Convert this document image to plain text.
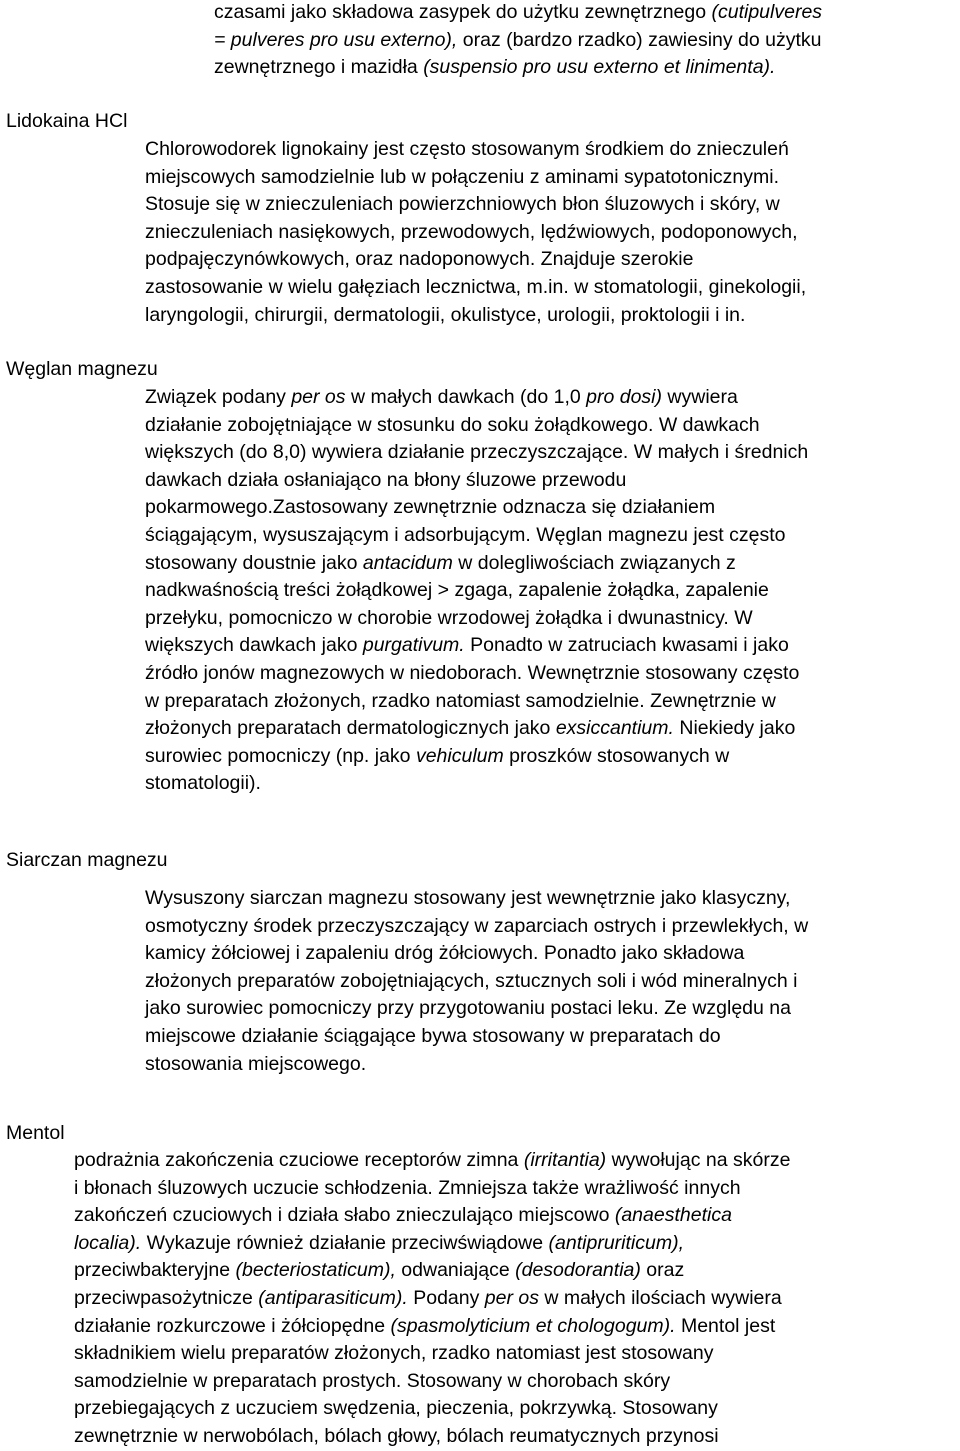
czasami jako składowa zasypek do użytku zewnętrznego (cutipulveres
= pulveres pro usu externo), oraz (bardzo rzadko) zawiesiny do użytku
zewnętrznego i mazidła (suspensio pro usu externo et linimenta).

Lidokaina HCl

Chlorowodorek lignokainy jest często stosowanym środkiem do znieczuleń
miejscowych samodzielnie lub w połączeniu z aminami sypatotonicznymi.
Stosuje się w znieczuleniach powierzchniowych błon śluzowych i skóry, w
znieczuleniach nasiękowych, przewodowych, lędźwiowych, podoponowych,
podpajęczynówkowych, oraz nadoponowych. Znajduje szerokie
zastosowanie w wielu gałęziach lecznictwa, m.in. w stomatologii, ginekologii,
laryngologii, chirurgii, dermatologii, okulistyce, urologii, proktologii i in.

Węglan magnezu

Związek podany per os w małych dawkach (do 1,0 pro dosi) wywiera
działanie zobojętniające w stosunku do soku żołądkowego. W dawkach
większych (do 8,0) wywiera działanie przeczyszczające. W małych i średnich
dawkach działa osłaniająco na błony śluzowe przewodu
pokarmowego.Zastosowany zewnętrznie odznacza się działaniem
ściągającym, wysuszającym i adsorbującym. Węglan magnezu jest często
stosowany doustnie jako antacidum w dolegliwościach związanych z
nadkwaśnością treści żołądkowej > zgaga, zapalenie żołądka, zapalenie
przełyku, pomocniczo w chorobie wrzodowej żołądka i dwunastnicy. W
większych dawkach jako purgativum. Ponadto w zatruciach kwasami i jako
źródło jonów magnezowych w niedoborach. Wewnętrznie stosowany często
w preparatach złożonych, rzadko natomiast samodzielnie. Zewnętrznie w
złożonych preparatach dermatologicznych jako exsiccantium. Niekiedy jako
surowiec pomocniczy (np. jako vehiculum proszków stosowanych w
stomatologii).

Siarczan magnezu

Wysuszony siarczan magnezu stosowany jest wewnętrznie jako klasyczny,
osmotyczny środek przeczyszczający w zaparciach ostrych i przewlekłych, w
kamicy żółciowej i zapaleniu dróg żółciowych. Ponadto jako składowa
złożonych preparatów zobojętniających, sztucznych soli i wód mineralnych i
jako surowiec pomocniczy przy przygotowaniu postaci leku. Ze względu na
miejscowe działanie ściągające bywa stosowany w preparatach do
stosowania miejscowego.

Mentol

podrażnia zakończenia czuciowe receptorów zimna (irritantia) wywołując na skórze
i błonach śluzowych uczucie schłodzenia. Zmniejsza także wrażliwość innych
zakończeń czuciowych i działa słabo znieczulająco miejscowo (anaesthetica
localia). Wykazuje również działanie przeciwświądowe (antipruriticum),
przeciwbakteryjne (becteriostaticum), odwaniające (desodorantia) oraz
przeciwpasożytnicze (antiparasiticum). Podany per os w małych ilościach wywiera
działanie rozkurczowe i żółciopędne (spasmolyticium et chologogum). Mentol jest
składnikiem wielu preparatów złożonych, rzadko natomiast jest stosowany
samodzielnie w preparatach prostych. Stosowany w chorobach skóry
przebiegających z uczuciem swędzenia, pieczenia, pokrzywką. Stosowany
zewnętrznie w nerwobólach, bólach głowy, bólach reumatycznych przynosi
